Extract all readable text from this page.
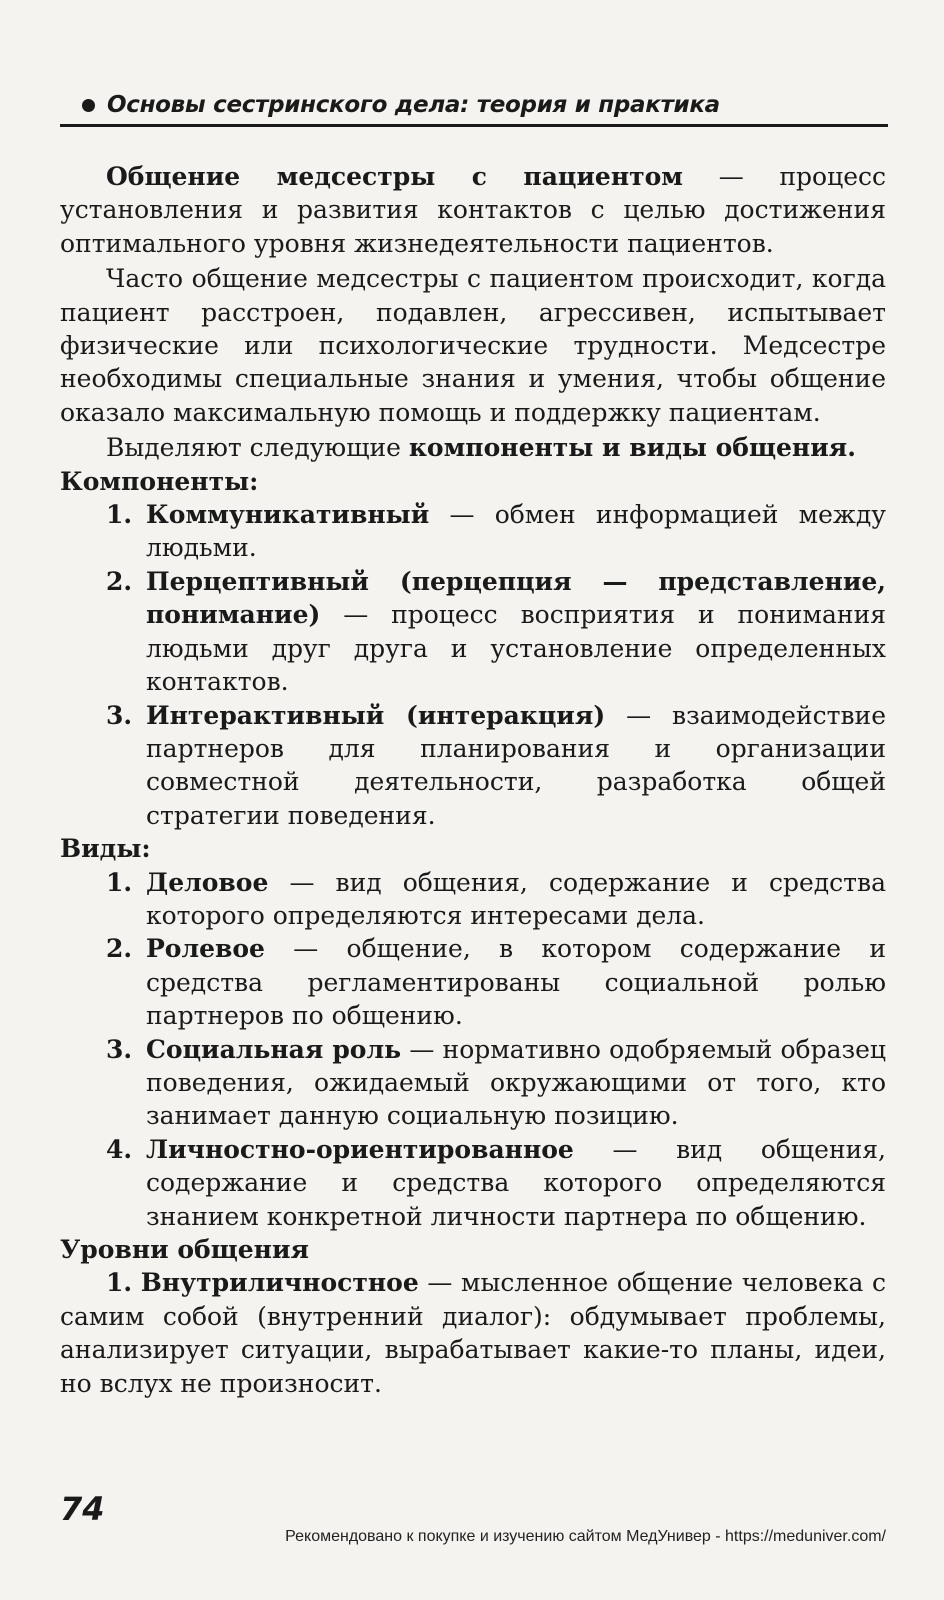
Основы сестринского дела: теория и практика

Общение медсестры с пациентом — процесс установления и развития контактов с целью достижения оптимального уровня жизнедеятельности пациентов.

Часто общение медсестры с пациентом происходит, когда пациент расстроен, подавлен, агрессивен, испытывает физические или психологические трудности. Медсестре необходимы специальные знания и умения, чтобы общение оказало максимальную помощь и поддержку пациентам.

Выделяют следующие компоненты и виды общения.

Компоненты:

1. Коммуникативный — обмен информацией между людьми.
2. Перцептивный (перцепция — представление, понимание) — процесс восприятия и понимания людьми друг друга и установление определенных контактов.
3. Интерактивный (интеракция) — взаимодействие партнеров для планирования и организации совместной деятельности, разработка общей стратегии поведения.

Виды:

1. Деловое — вид общения, содержание и средства которого определяются интересами дела.
2. Ролевое — общение, в котором содержание и средства регламентированы социальной ролью партнеров по общению.
3. Социальная роль — нормативно одобряемый образец поведения, ожидаемый окружающими от того, кто занимает данную социальную позицию.
4. Личностно-ориентированное — вид общения, содержание и средства которого определяются знанием конкретной личности партнера по общению.

Уровни общения

1. Внутриличностное — мысленное общение человека с самим собой (внутренний диалог): обдумывает проблемы, анализирует ситуации, вырабатывает какие-то планы, идеи, но вслух не произносит.

74
Рекомендовано к покупке и изучению сайтом МедУнивер - https://meduniver.com/
